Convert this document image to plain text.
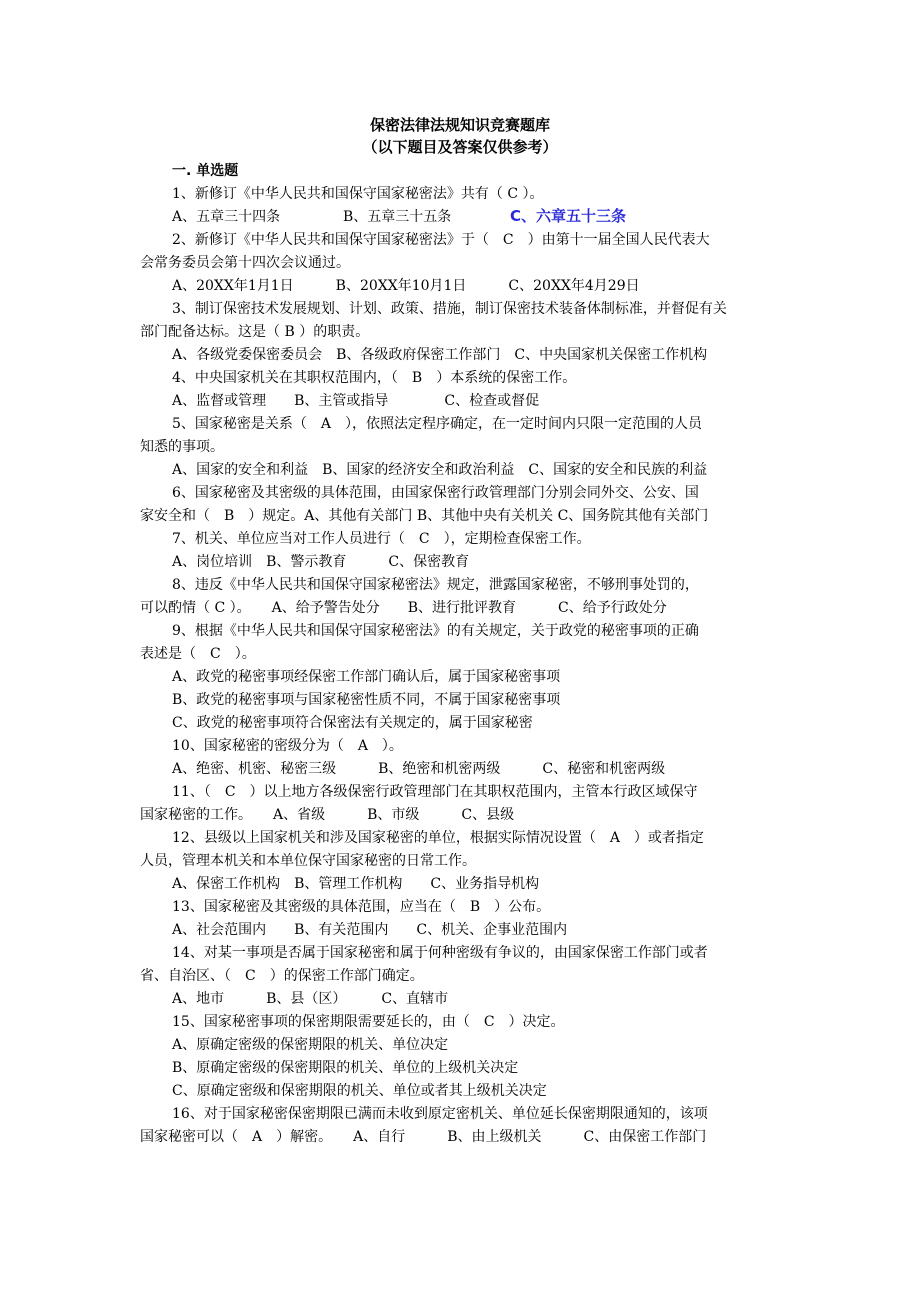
保密法律法规知识竞赛题库
（以下题目及答案仅供参考）
一. 单选题
1、新修订《中华人民共和国保守国家秘密法》共有（ C ）。
A、五章三十四条	B、五章三十五条	C、六章五十三条
2、新修订《中华人民共和国保守国家秘密法》于（　C　）由第十一届全国人民代表大
会常务委员会第十四次会议通过。
A、20XX年1月1日　　　B、20XX年10月1日　　　C、20XX年4月29日
3、制订保密技术发展规划、计划、政策、措施，制订保密技术装备体制标准，并督促有关
部门配备达标。这是（ B ）的职责。
A、各级党委保密委员会　B、各级政府保密工作部门　C、中央国家机关保密工作机构
4、中央国家机关在其职权范围内，（　B　）本系统的保密工作。
A、监督或管理　　B、主管或指导　　　　C、检查或督促
5、国家秘密是关系（　A　），依照法定程序确定，在一定时间内只限一定范围的人员
知悉的事项。
A、国家的安全和利益　B、国家的经济安全和政治利益　C、国家的安全和民族的利益
6、国家秘密及其密级的具体范围，由国家保密行政管理部门分别会同外交、公安、国
家安全和（　B　）规定。A、其他有关部门 B、其他中央有关机关 C、国务院其他有关部门
7、机关、单位应当对工作人员进行（　C　），定期检查保密工作。
A、岗位培训　B、警示教育　　　C、保密教育
8、违反《中华人民共和国保守国家秘密法》规定，泄露国家秘密，不够刑事处罚的，
可以酌情（ C ）。　　A、给予警告处分　　B、进行批评教育　　　C、给予行政处分
9、根据《中华人民共和国保守国家秘密法》的有关规定，关于政党的秘密事项的正确
表述是（　C　）。
A、政党的秘密事项经保密工作部门确认后，属于国家秘密事项
B、政党的秘密事项与国家秘密性质不同，不属于国家秘密事项
C、政党的秘密事项符合保密法有关规定的，属于国家秘密
10、国家秘密的密级分为（　A　）。
A、绝密、机密、秘密三级　　　B、绝密和机密两级　　　C、秘密和机密两级
11、（　C　）以上地方各级保密行政管理部门在其职权范围内，主管本行政区域保守
国家秘密的工作。　　A、省级　　　B、市级　　　C、县级
12、县级以上国家机关和涉及国家秘密的单位，根据实际情况设置（　A　）或者指定
人员，管理本机关和本单位保守国家秘密的日常工作。
A、保密工作机构　B、管理工作机构　　C、业务指导机构
13、国家秘密及其密级的具体范围，应当在（　B　）公布。
A、社会范围内　　B、有关范围内　　C、机关、企事业范围内
14、对某一事项是否属于国家秘密和属于何种密级有争议的，由国家保密工作部门或者
省、自治区、（　C　）的保密工作部门确定。
A、地市　　　B、县（区）　　　C、直辖市
15、国家秘密事项的保密期限需要延长的，由（　C　）决定。
A、原确定密级的保密期限的机关、单位决定
B、原确定密级的保密期限的机关、单位的上级机关决定
C、原确定密级和保密期限的机关、单位或者其上级机关决定
16、对于国家秘密保密期限已满而未收到原定密机关、单位延长保密期限通知的，该项
国家秘密可以（　A　）解密。　　A、自行　　　B、由上级机关　　　C、由保密工作部门
